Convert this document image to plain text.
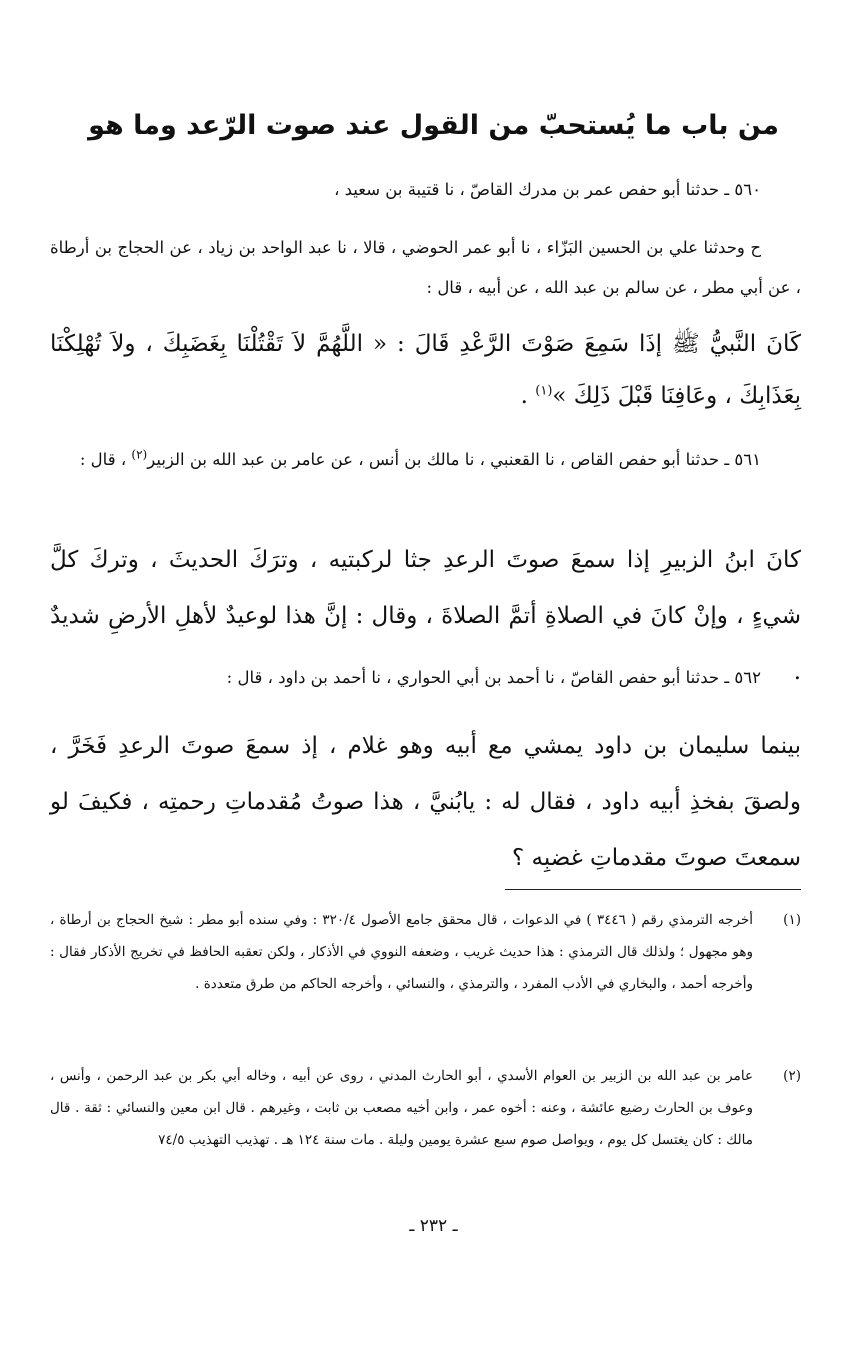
من باب ما يُستحبّ من القول عند صوت الرّعد وما هو
٥٦٠ ـ حدثنا أبو حفص عمر بن مدرك القاصّ ، نا قتيبة بن سعيد ،
ح وحدثنا علي بن الحسين البَزّاء ، نا أبو عمر الحوضي ، قالا ، نا عبد الواحد بن زياد ، عن الحجاج بن أرطاة ، عن أبي مطر ، عن سالم بن عبد الله ، عن أبيه ، قال :
كَانَ النَّبيُّ ﷺ إذَا سَمِعَ صَوْتَ الرَّعْدِ قَالَ : « اللَّهُمَّ لاَ تَقْتُلْنَا بِغَضَبِكَ ، ولاَ تُهْلِكْنَا بِعَذَابِكَ ، وعَافِنَا قَبْلَ ذَلِكَ »$^{(١)}$ .
٥٦١ ـ حدثنا أبو حفص القاص ، نا القعنبي ، نا مالك بن أنس ، عن عامر بن عبد الله بن الزبير$^{(٢)}$ ، قال :
كانَ ابنُ الزبيرِ إذا سمعَ صوتَ الرعدِ جثا لركبتيه ، وترَكَ الحديثَ ، وتركَ كلَّ شيءٍ ، وإنْ كانَ في الصلاةِ أتمَّ الصلاةَ ، وقال : إنَّ هذا لوعيدٌ لأهلِ الأرضِ شديدٌ .
٥٦٢ ـ حدثنا أبو حفص القاصّ ، نا أحمد بن أبي الحواري ، نا أحمد بن داود ، قال :
بينما سليمان بن داود يمشي مع أبيه وهو غلام ، إذ سمعَ صوتَ الرعدِ فَخَرَّ ، ولصقَ بفخذِ أبيه داود ، فقال له : يابُنيَّ ، هذا صوتُ مُقدماتِ رحمتِه ، فكيفَ لو سمعتَ صوتَ مقدماتِ غضبِه ؟
(١)
أخرجه الترمذي رقم ( ٣٤٤٦ ) في الدعوات ، قال محقق جامع الأصول ٣٢٠/٤ : وفي سنده أبو مطر : شيخ الحجاج بن أرطاة ، وهو مجهول ؛ ولذلك قال الترمذي : هذا حديث غريب ، وضعفه النووي في الأذكار ، ولكن تعقبه الحافظ في تخريج الأذكار فقال : وأخرجه أحمد ، والبخاري في الأدب المفرد ، والترمذي ، والنسائي ، وأخرجه الحاكم من طرق متعددة .
(٢)
عامر بن عبد الله بن الزبير بن العوام الأسدي ، أبو الحارث المدني ، روى عن أبيه ، وخاله أبي بكر بن عبد الرحمن ، وأنس ، وعوف بن الحارث رضيع عائشة ، وعنه : أخوه عمر ، وابن أخيه مصعب بن ثابت ، وغيرهم . قال ابن معين والنسائي : ثقة . قال مالك : كان يغتسل كل يوم ، ويواصل صوم سبع عشرة يومين وليلة . مات سنة ١٢٤ هـ . تهذيب التهذيب ٧٤/٥
ـ ٢٣٢ ـ
